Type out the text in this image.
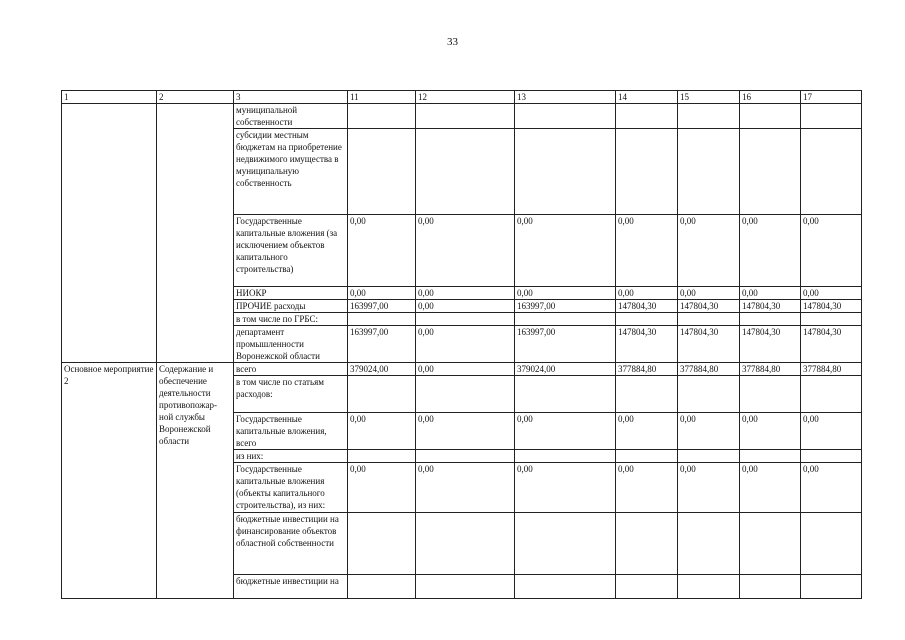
33
1	2	3	11	12	13	14	15	16	17
		муниципальной собственности							
		субсидии местным бюджетам на приобретение недвижимого имущества в муниципальную собственность							
		Государственные капитальные вложения (за исключением объектов капитального строительства)	0,00	0,00	0,00	0,00	0,00	0,00	0,00
		НИОКР	0,00	0,00	0,00	0,00	0,00	0,00	0,00
		ПРОЧИЕ расходы	163997,00	0,00	163997,00	147804,30	147804,30	147804,30	147804,30
		в том числе по ГРБС:							
		департамент промышленности Воронежской области	163997,00	0,00	163997,00	147804,30	147804,30	147804,30	147804,30
Основное мероприятие 2	Содержание и обеспечение деятельности противопожар-ной службы Воронежской области	всего	379024,00	0,00	379024,00	377884,80	377884,80	377884,80	377884,80
		в том числе по статьям расходов:							
		Государственные капитальные вложения, всего	0,00	0,00	0,00	0,00	0,00	0,00	0,00
		из них:							
		Государственные капитальные вложения (объекты капитального строительства), из них:	0,00	0,00	0,00	0,00	0,00	0,00	0,00
		бюджетные инвестиции на финансирование объектов областной собственности							
		бюджетные инвестиции на							
